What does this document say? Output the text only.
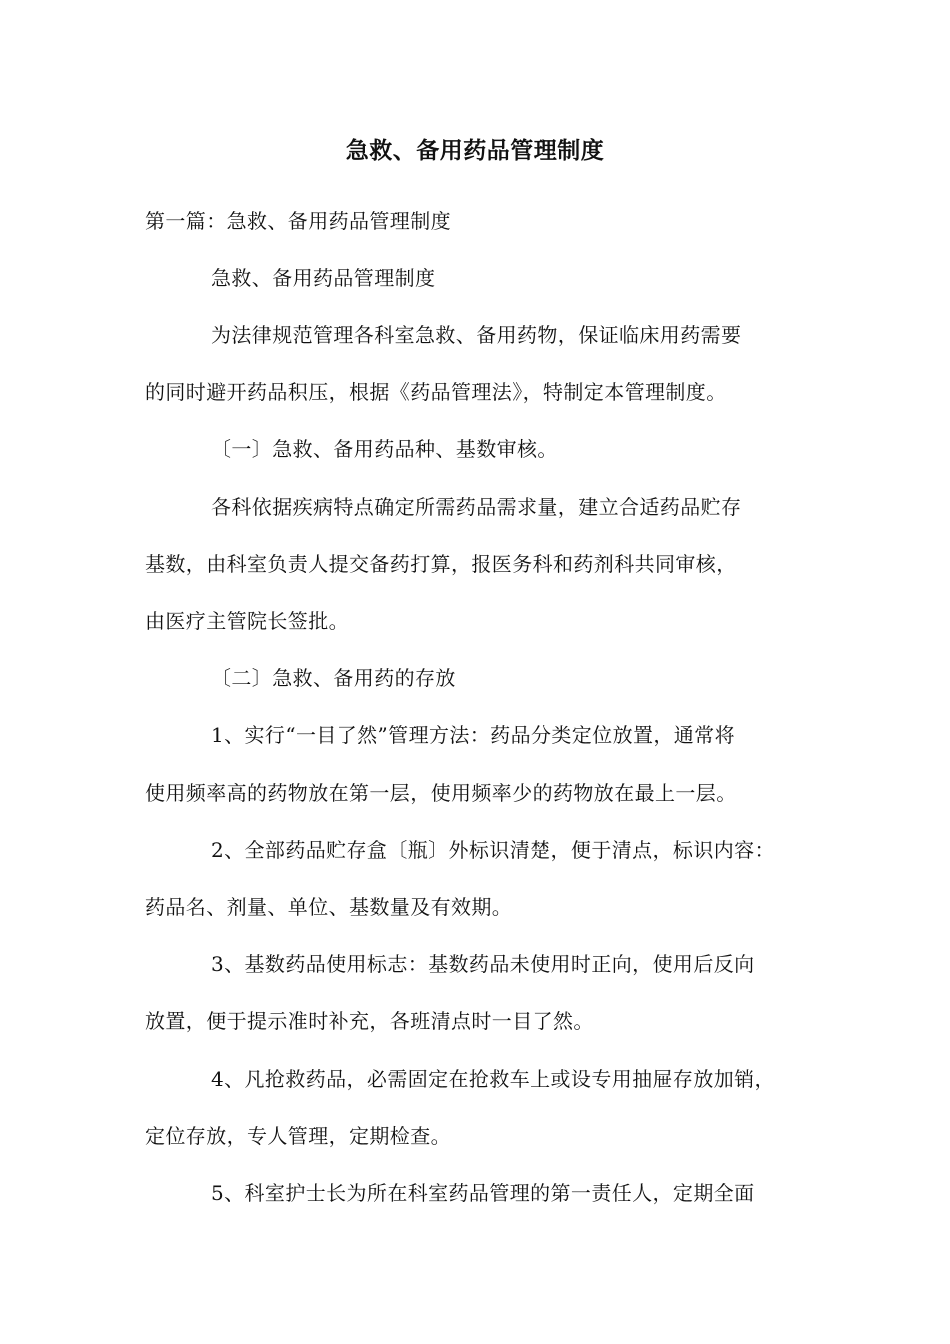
急救、备用药品管理制度
第一篇：急救、备用药品管理制度
急救、备用药品管理制度
为法律规范管理各科室急救、备用药物，保证临床用药需要
的同时避开药品积压，根据《药品管理法》，特制定本管理制度。
〔一〕急救、备用药品种、基数审核。
各科依据疾病特点确定所需药品需求量，建立合适药品贮存
基数，由科室负责人提交备药打算，报医务科和药剂科共同审核，
由医疗主管院长签批。
〔二〕急救、备用药的存放
1、实行“一目了然”管理方法：药品分类定位放置，通常将
使用频率高的药物放在第一层，使用频率少的药物放在最上一层。
2、全部药品贮存盒〔瓶〕外标识清楚，便于清点，标识内容：
药品名、剂量、单位、基数量及有效期。
3、基数药品使用标志：基数药品未使用时正向，使用后反向
放置，便于提示准时补充，各班清点时一目了然。
4、凡抢救药品，必需固定在抢救车上或设专用抽屉存放加销，
定位存放，专人管理，定期检查。
5、科室护士长为所在科室药品管理的第一责任人，定期全面
